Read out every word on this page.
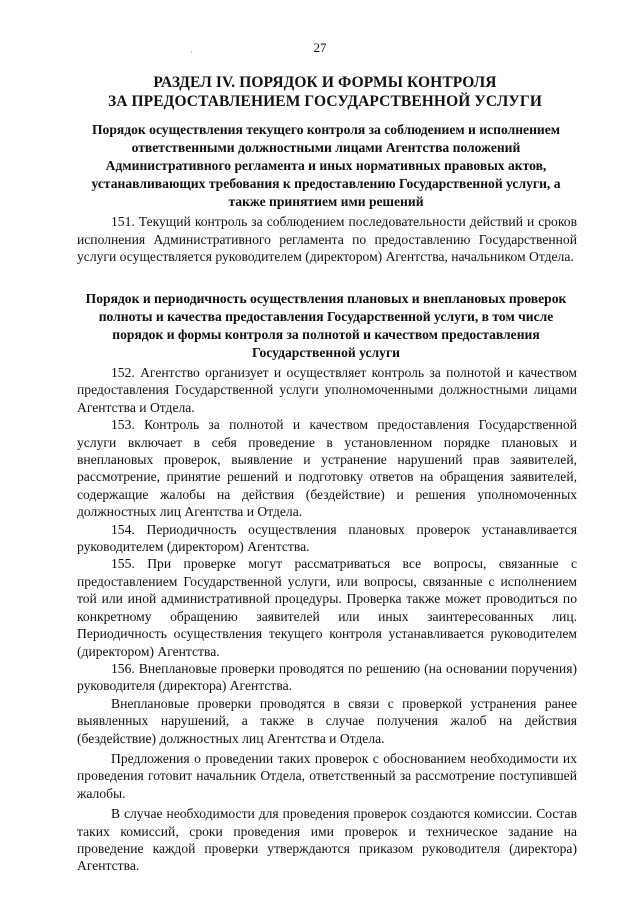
·	27
РАЗДЕЛ IV. ПОРЯДОК И ФОРМЫ КОНТРОЛЯ
ЗА ПРЕДОСТАВЛЕНИЕМ ГОСУДАРСТВЕННОЙ УСЛУГИ
Порядок осуществления текущего контроля за соблюдением и исполнением ответственными должностными лицами Агентства положений Административного регламента и иных нормативных правовых актов, устанавливающих требования к предоставлению Государственной услуги, а также принятием ими решений

151. Текущий контроль за соблюдением последовательности действий и сроков исполнения Административного регламента по предоставлению Государственной услуги осуществляется руководителем (директором) Агентства, начальником Отдела.

Порядок и периодичность осуществления плановых и внеплановых проверок полноты и качества предоставления Государственной услуги, в том числе порядок и формы контроля за полнотой и качеством предоставления Государственной услуги

152. Агентство организует и осуществляет контроль за полнотой и качеством предоставления Государственной услуги уполномоченными должностными лицами Агентства и Отдела.

153. Контроль за полнотой и качеством предоставления Государственной услуги включает в себя проведение в установленном порядке плановых и внеплановых проверок, выявление и устранение нарушений прав заявителей, рассмотрение, принятие решений и подготовку ответов на обращения заявителей, содержащие жалобы на действия (бездействие) и решения уполномоченных должностных лиц Агентства и Отдела.

154. Периодичность осуществления плановых проверок устанавливается руководителем (директором) Агентства.

155. При проверке могут рассматриваться все вопросы, связанные с предоставлением Государственной услуги, или вопросы, связанные с исполнением той или иной административной процедуры. Проверка также может проводиться по конкретному обращению заявителей или иных заинтересованных лиц. Периодичность осуществления текущего контроля устанавливается руководителем (директором) Агентства.

156. Внеплановые проверки проводятся по решению (на основании поручения) руководителя (директора) Агентства.

Внеплановые проверки проводятся в связи с проверкой устранения ранее выявленных нарушений, а также в случае получения жалоб на действия (бездействие) должностных лиц Агентства и Отдела.

Предложения о проведении таких проверок с обоснованием необходимости их проведения готовит начальник Отдела, ответственный за рассмотрение поступившей жалобы.

В случае необходимости для проведения проверок создаются комиссии. Состав таких комиссий, сроки проведения ими проверок и техническое задание на проведение каждой проверки утверждаются приказом руководителя (директора) Агентства.
